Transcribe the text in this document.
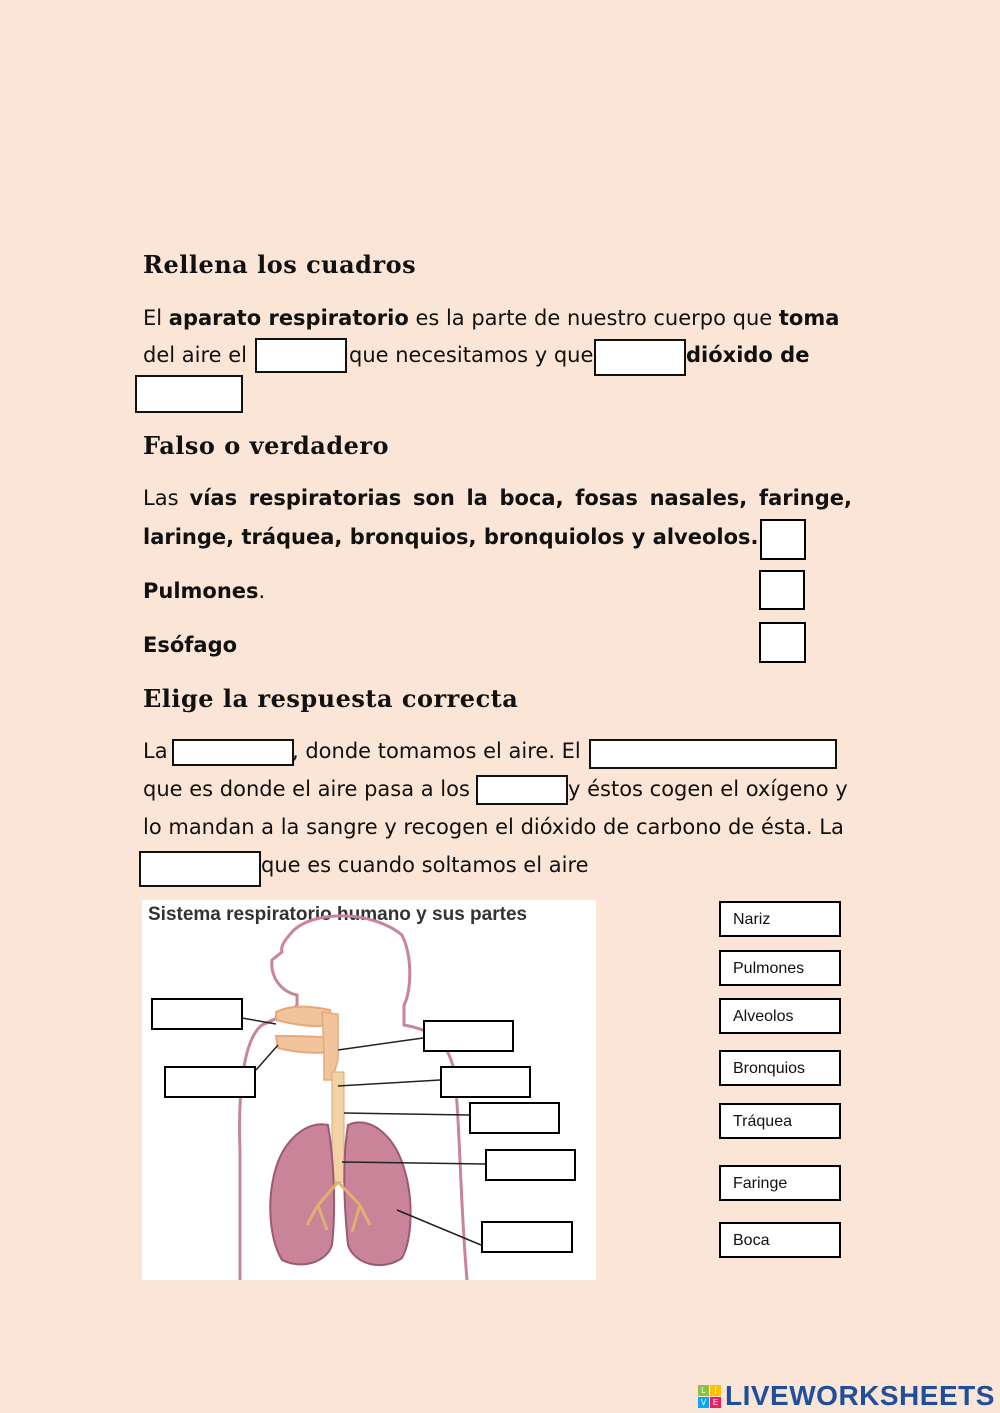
Rellena los cuadros
El aparato respiratorio es la parte de nuestro cuerpo que toma
del aire el	que necesitamos y que	dióxido de
Falso o verdadero
Las vías respiratorias son la boca, fosas nasales, faringe,
laringe, tráquea, bronquios, bronquiolos y alveolos.
Pulmones.
Esófago
Elige la respuesta correcta
La	, donde tomamos el aire. El
que es donde el aire pasa a los	y éstos cogen el oxígeno y
lo mandan a la sangre y recogen el dióxido de carbono de ésta. La
que es cuando soltamos el aire
Sistema respiratorio humano y sus partes	Nariz
Pulmones
Alveolos
Bronquios
Tráquea
Faringe
Boca
L	I
V E LIVEWORKSHEETS
